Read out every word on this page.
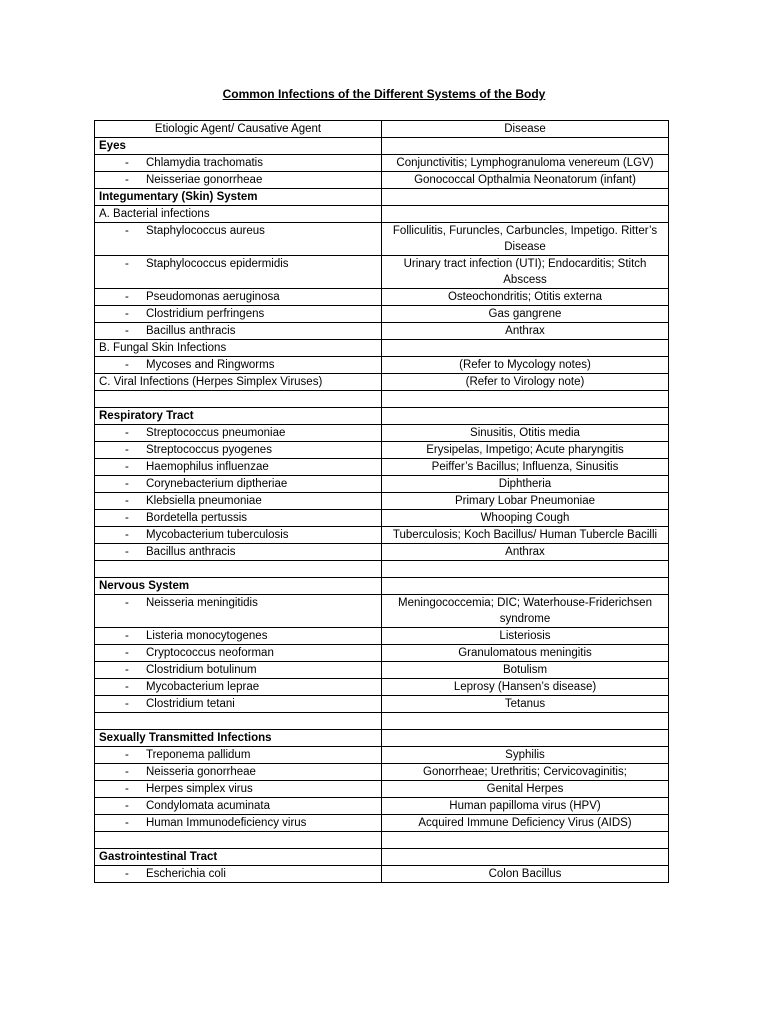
Common Infections of the Different Systems of the Body
Etiologic Agent/ Causative Agent	Disease
Eyes	

- Chlamydia trachomatis	Conjunctivitis; Lymphogranuloma venereum (LGV)

- Neisseriae gonorrheae	Gonococcal Opthalmia Neonatorum (infant)
Integumentary (Skin) System	
A. Bacterial infections	

- Staphylococcus aureus	Folliculitis, Furuncles, Carbuncles, Impetigo. Ritter’s Disease

- Staphylococcus epidermidis	Urinary tract infection (UTI); Endocarditis; Stitch Abscess

- Pseudomonas aeruginosa	Osteochondritis; Otitis externa

- Clostridium perfringens	Gas gangrene

- Bacillus anthracis	Anthrax
B. Fungal Skin Infections	

- Mycoses and Ringworms	(Refer to Mycology notes)
C. Viral Infections (Herpes Simplex Viruses)	(Refer to Virology note)

Respiratory Tract	

- Streptococcus pneumoniae	Sinusitis, Otitis media

- Streptococcus pyogenes	Erysipelas, Impetigo; Acute pharyngitis

- Haemophilus influenzae	Peiffer’s Bacillus; Influenza, Sinusitis

- Corynebacterium diptheriae	Diphtheria

- Klebsiella pneumoniae	Primary Lobar Pneumoniae

- Bordetella pertussis	Whooping Cough

- Mycobacterium tuberculosis	Tuberculosis; Koch Bacillus/ Human Tubercle Bacilli

- Bacillus anthracis	Anthrax

Nervous System	

- Neisseria meningitidis	Meningococcemia; DIC; Waterhouse-Friderichsen syndrome

- Listeria monocytogenes	Listeriosis

- Cryptococcus neoforman	Granulomatous meningitis

- Clostridium botulinum	Botulism

- Mycobacterium leprae	Leprosy (Hansen’s disease)

- Clostridium tetani	Tetanus

Sexually Transmitted Infections	

- Treponema pallidum	Syphilis

- Neisseria gonorrheae	Gonorrheae; Urethritis; Cervicovaginitis;

- Herpes simplex virus	Genital Herpes

- Condylomata acuminata	Human papilloma virus (HPV)

- Human Immunodeficiency virus	Acquired Immune Deficiency Virus (AIDS)

Gastrointestinal Tract	

- Escherichia coli	Colon Bacillus
